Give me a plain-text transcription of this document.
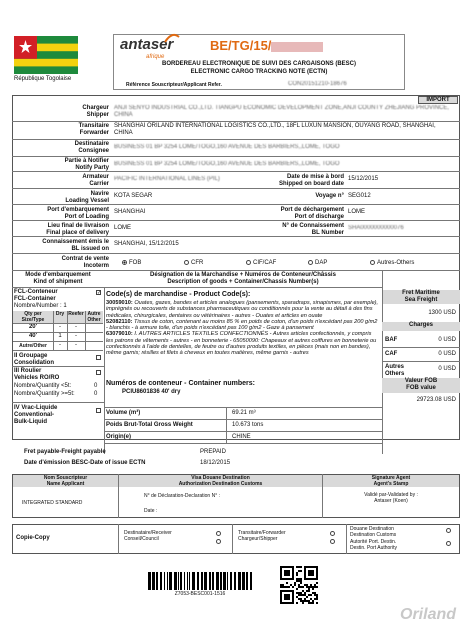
République Togolaise
antaser
afrique
BE/TG/15/
BORDEREAU ELECTRONIQUE DE SUIVI DES CARGAISONS (BESC)
ELECTRONIC CARGO TRACKING NOTE (ECTN)
Référence Souscripteur/Applicant Refer.	CON20151210-18676
IMPORT
Chargeur
Shipper
ANJI SENYO INDUSTRIAL CO.,LTD. TIANGPU ECONOMIC DEVELOPMENT ZONE,ANJI COUNTY ZHEJIANG PROVINCE, CHINA
Transitaire
Forwarder
SHANGHAI ORILAND INTERNATIONAL LOGISTICS CO.,LTD., 18FL LUXUN MANSION, OUYANG ROAD, SHANGHAI, CHINA
Destinataire
Consignee
BUSINESS 01 BP 3254 LOME/TOGO,160 AVENUE DES BARBIERS,,LOME, TOGO
Partie à Notifier
Notify Party
BUSINESS 01 BP 3254 LOME/TOGO,160 AVENUE DES BARBIERS,,LOME, TOGO
Armateur
Carrier
PACIFIC INTERNATIONAL LINES (PIL)	Date de mise à bord
Shipped on board date
15/12/2015
Navire
Loading Vessel
KOTA SEGAR	Voyage n° SEG012
Port d'embarquement
Port of Loading
SHANGHAI	Port de déchargement
Port of discharge
LOME
Lieu final de livraison
Final place of delivery
LOME	N° de Connaissement
BL Number
SHA0000000000076
Connaissement émis le
BL issued on
SHANGHAI, 15/12/2015
Contrat de vente
Incoterm	FOB	CFR	CIF/CAF	DAP	Autres-Others
Mode d'embarquement
Kind of shipment
Désignation de la Marchandise + Numéros de Conteneur/Châssis
Description of goods + Container/Chassis Number(s)
Fret Maritime
Sea Freight
FCL-Conteneur
FCL-Container
✓
Nombre/Number : 1
Qty per
Size/Type
Dry Reefer Autre
Other
20'	-	-
40'	1	-
Autre/Other	-	-
II Groupage
Consolidation
III Roulier
Vehicles RO/RO
Nombre/Quantity <5t:	0
Nombre/Quantity >=5t:	0
IV Vrac-Liquide
Conventional-
Bulk-Liquid
Code(s) de marchandise - Product Code(s):
30059010: Ouates, gazes, bandes et articles analogues (pansements, sparadraps, sinapismes, par exemple), imprégnés ou recouverts de substances pharmaceutiques ou conditionnés pour la vente au détail à des fins médicales, chirurgicales, dentaires ou vétérinaires - autres - Ouates et articles en ouate
52082110: Tissus de coton, contenant au moins 85 % en poids de coton, d'un poids n'excédant pas 200 g/m2 - blanchis - à armure toile, d'un poids n'excédant pas 100 g/m2 - Gaze à pansement
63079010: I. AUTRES ARTICLES TEXTILES CONFECTIONNÉS - Autres articles confectionnés, y compris les patrons de vêtements - autres - en bonneterie - 65050090: Chapeaux et autres coiffures en bonneterie ou confectionnés à l'aide de dentelles, de feutre ou d'autres produits textiles, en pièces (mais non en bandes), même garnis; résilles et filets à cheveux en toutes matières, même garnis - autres
Numéros de conteneur - Container numbers:
PCIU8601836 40' dry
Volume (m³)	69.21 m³
Poids Brut-Total Gross Weight	10.673 tons
Origin(e)	CHINE
1300 USD
Charges
BAF	0 USD
CAF	0 USD
Autres
Others
0 USD
Valeur FOB
FOB value
29723.08 USD
Fret payable-Freight payable	PREPAID
Date d'émission BESC-Date of issue ECTN	18/12/2015
Nom Souscripteur
Name Applicant
Visa Douane Destination
Authorization Destination Customs
Signature Agent
Agent's Stamp
INTEGRATED STANDARD
N° de Déclaration-Declaration N° :
Date :
Validé par-Validated by :
Antaser (Koen)
Copie-Copy
Destinataire/Receiver
Conseil/Council
Transitaire/Forwarder
Chargeur/Shipper
Douane Destination
Destination Customs
Autorité Port. Destin.
Destin. Port Authority
Z7053-BESC001-1516
Oriland
